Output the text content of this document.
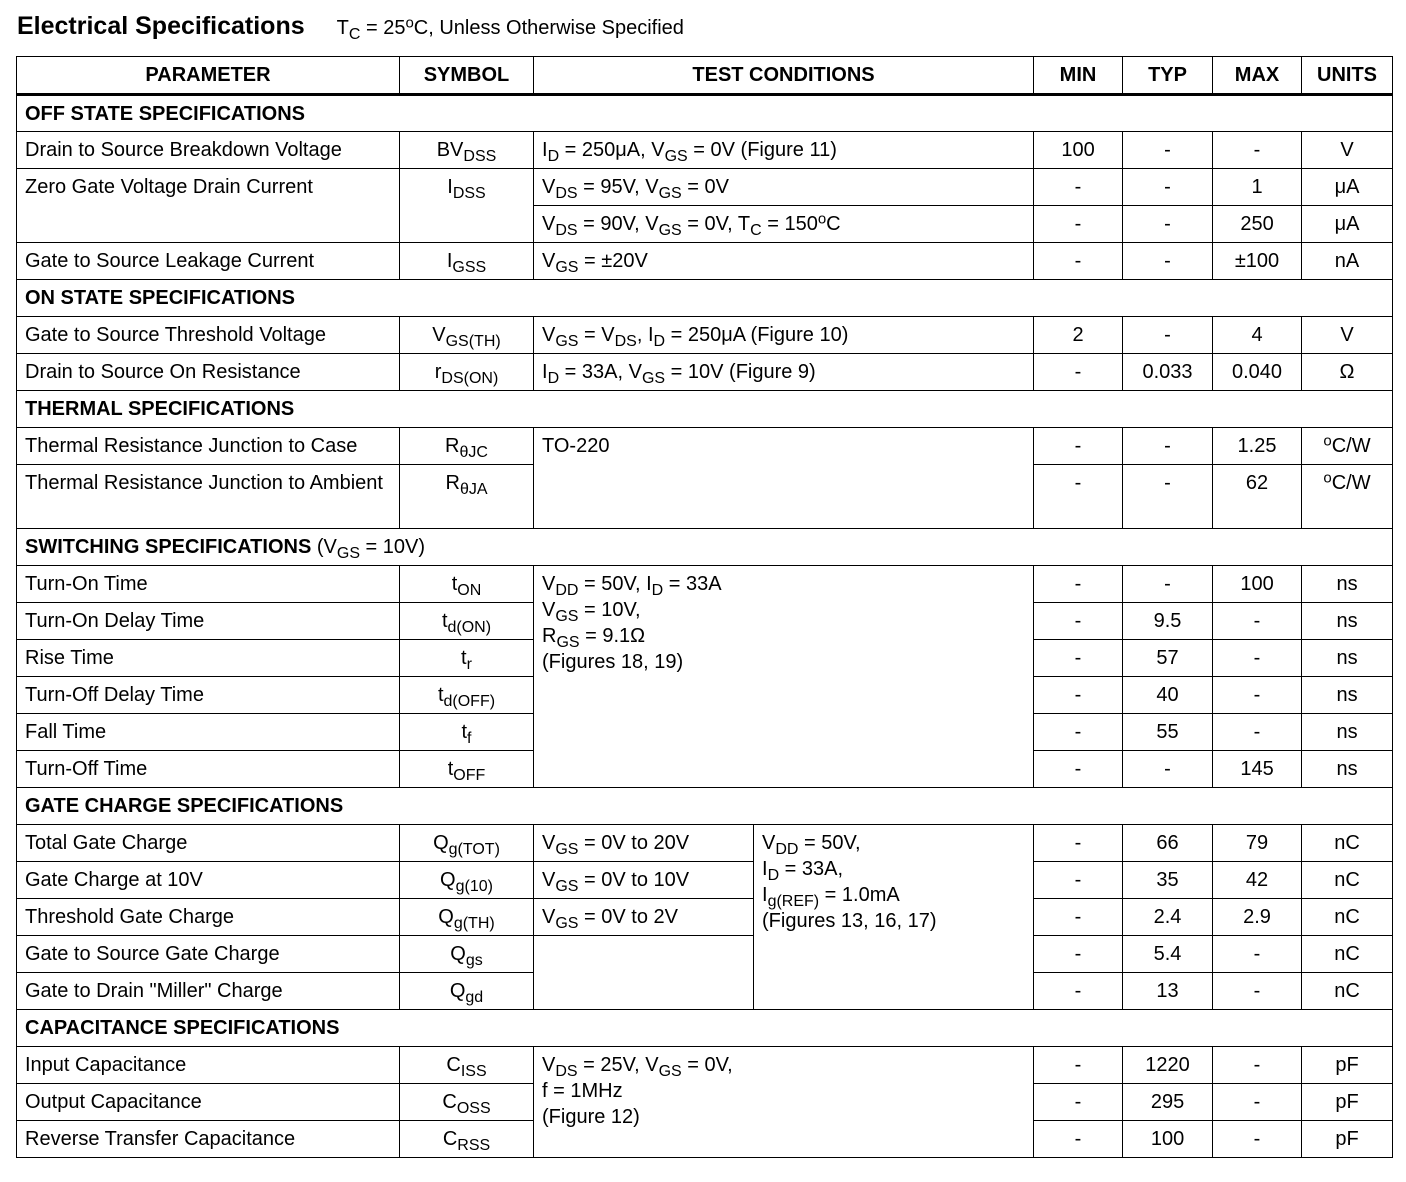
Electrical Specifications $T_C = 25^oC$, Unless Otherwise Specified
PARAMETER	SYMBOL	TEST CONDITIONS		MIN	TYP	MAX	UNITS
OFF STATE SPECIFICATIONS							
Drain to Source Breakdown Voltage	$BV_{DSS}$	$I_D = 250\mu A$, $V_{GS} = 0V$ (Figure 11)		100	-	-	V
Zero Gate Voltage Drain Current	$I_{DSS}$	$V_{DS} = 95V$, $V_{GS} = 0V$		-	-	1	μA
		$V_{DS} = 90V$, $V_{GS} = 0V$, $T_C = 150^oC$		-	-	250	μA
Gate to Source Leakage Current	$I_{GSS}$	$V_{GS} = \pm 20V$		-	-	±100	nA
ON STATE SPECIFICATIONS							
Gate to Source Threshold Voltage	$V_{GS(TH)}$	$V_{GS} = V_{DS}$, $I_D = 250\mu A$ (Figure 10)		2	-	4	V
Drain to Source On Resistance	$r_{DS(ON)}$	$I_D = 33A$, $V_{GS} = 10V$ (Figure 9)		-	0.033	0.040	Ω
THERMAL SPECIFICATIONS							
Thermal Resistance Junction to Case	$R_{\theta JC}$	TO-220		-	-	1.25	$^o$C/W
Thermal Resistance Junction to Ambient	$R_{\theta JA}$			-	-	62	$^o$C/W
SWITCHING SPECIFICATIONS $(V_{GS} = 10V)$							
Turn-On Time	$t_{ON}$	$V_{DD} = 50V$, $I_D = 33A$
$V_{GS} = 10V$,
$R_{GS} = 9.1\Omega$
(Figures 18, 19)		-	-	100	ns
Turn-On Delay Time	$t_{d(ON)}$			-	9.5	-	ns
Rise Time	$t_r$			-	57	-	ns
Turn-Off Delay Time	$t_{d(OFF)}$			-	40	-	ns
Fall Time	$t_f$			-	55	-	ns
Turn-Off Time	$t_{OFF}$			-	-	145	ns
GATE CHARGE SPECIFICATIONS							
Total Gate Charge	$Q_{g(TOT)}$	$V_{GS} = 0V$ to 20V	$V_{DD} = 50V$,
$I_D = 33A$,
$I_{g(REF)} = 1.0mA$
(Figures 13, 16, 17)	-	66	79	nC
Gate Charge at 10V	$Q_{g(10)}$	$V_{GS} = 0V$ to 10V		-	35	42	nC
Threshold Gate Charge	$Q_{g(TH)}$	$V_{GS} = 0V$ to 2V		-	2.4	2.9	nC
Gate to Source Gate Charge	$Q_{gs}$			-	5.4	-	nC
Gate to Drain "Miller" Charge	$Q_{gd}$			-	13	-	nC
CAPACITANCE SPECIFICATIONS							
Input Capacitance	$C_{ISS}$	$V_{DS} = 25V$, $V_{GS} = 0V$,
f = 1MHz
(Figure 12)		-	1220	-	pF
Output Capacitance	$C_{OSS}$			-	295	-	pF
Reverse Transfer Capacitance	$C_{RSS}$			-	100	-	pF
